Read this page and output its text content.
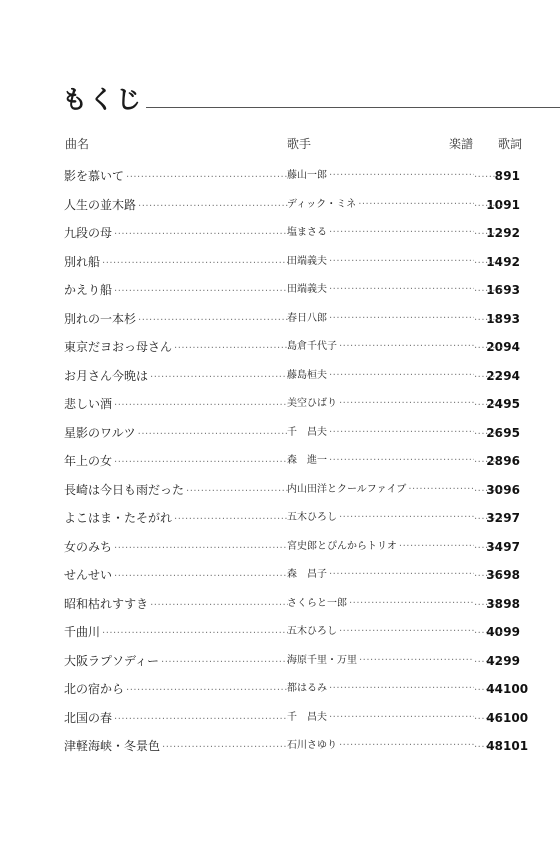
もくじ
曲名	歌手	楽譜 歌詞
影を慕いて ·····	藤山一郎 ·····	8 ····· 91
人生の並木路 ·····	ディック・ミネ ·····	10 ····· 91
九段の母 ·····	塩まさる ·····	12 ····· 92
別れ船 ·····	田端義夫 ·····	14 ····· 92
かえり船 ·····	田端義夫 ·····	16 ····· 93
別れの一本杉 ·····	春日八郎 ·····	18 ····· 93
東京だヨおっ母さん ·····	島倉千代子 ·····	20 ····· 94
お月さん今晩は ·····	藤島桓夫 ·····	22 ····· 94
悲しい酒 ·····	美空ひばり ·····	24 ····· 95
星影のワルツ ·····	千　昌夫 ·····	26 ····· 95
年上の女 ·····	森　進一 ·····	28 ····· 96
長崎は今日も雨だった ·····	内山田洋とクールファイブ ·····	30 ····· 96
よこはま・たそがれ ·····	五木ひろし ·····	32 ····· 97
女のみち ·····	宮史郎とぴんからトリオ ·····	34 ····· 97
せんせい ·····	森　昌子 ·····	36 ····· 98
昭和枯れすすき ·····	さくらと一郎 ·····	38 ····· 98
千曲川 ·····	五木ひろし ·····	40 ····· 99
大阪ラプソディー ·····	海原千里・万里 ·····	42 ····· 99
北の宿から ·····	都はるみ ·····	44 ····· 100
北国の春 ·····	千　昌夫 ·····	46 ····· 100
津軽海峡・冬景色 ·····	石川さゆり ·····	48 ····· 101
